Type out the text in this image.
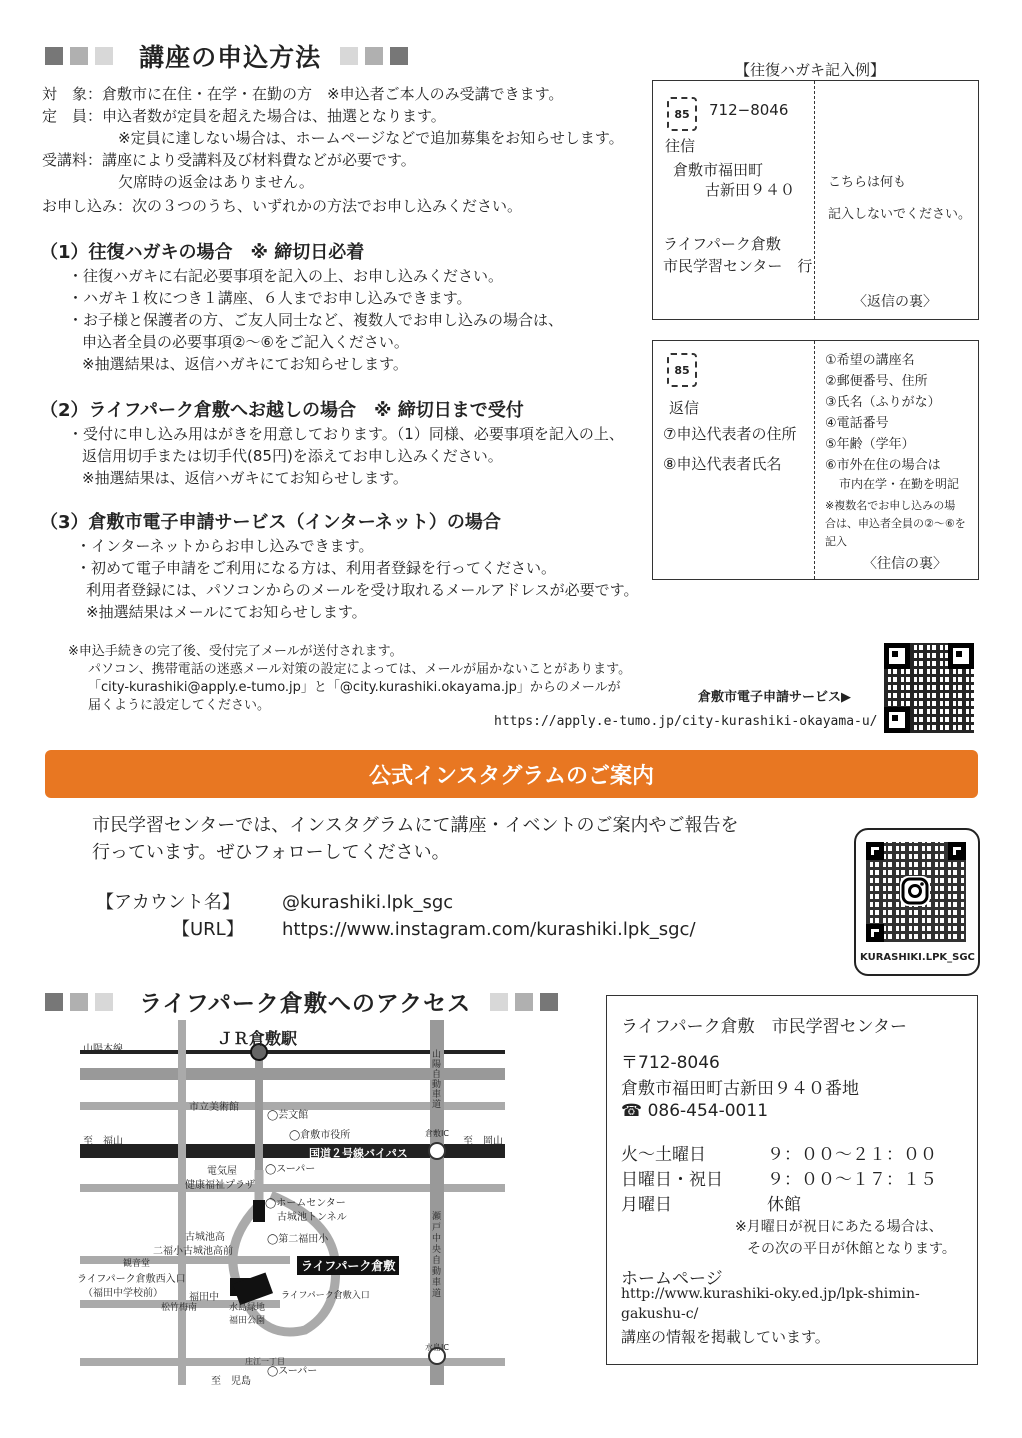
講座の申込方法
対　象：倉敷市に在住・在学・在勤の方　※申込者ご本人のみ受講できます。
定　員：申込者数が定員を超えた場合は、抽選となります。
※定員に達しない場合は、ホームページなどで追加募集をお知らせします。
受講料：講座により受講料及び材料費などが必要です。
欠席時の返金はありません。
お申し込み：次の３つのうち、いずれかの方法でお申し込みください。
（1）往復ハガキの場合　※ 締切日必着
・往復ハガキに右記必要事項を記入の上、お申し込みください。
・ハガキ１枚につき１講座、６人までお申し込みできます。
・お子様と保護者の方、ご友人同士など、複数人でお申し込みの場合は、
申込者全員の必要事項②～⑥をご記入ください。
※抽選結果は、返信ハガキにてお知らせします。
（2）ライフパーク倉敷へお越しの場合　※ 締切日まで受付
・受付に申し込み用はがきを用意しております。（1）同様、必要事項を記入の上、
返信用切手または切手代(85円)を添えてお申し込みください。
※抽選結果は、返信ハガキにてお知らせします。
（3）倉敷市電子申請サービス（インターネット）の場合
・インターネットからお申し込みできます。
・初めて電子申請をご利用になる方は、利用者登録を行ってください。
利用者登録には、パソコンからのメールを受け取れるメールアドレスが必要です。
※抽選結果はメールにてお知らせします。
※申込手続きの完了後、受付完了メールが送付されます。
パソコン、携帯電話の迷惑メール対策の設定によっては、メールが届かないことがあります。
「city-kurashiki@apply.e-tumo.jp」と「@city.kurashiki.okayama.jp」からのメールが
届くように設定してください。
倉敷市電子申請サービス▶
https://apply.e-tumo.jp/city-kurashiki-okayama-u/
【往復ハガキ記入例】
85 712−8046
往信
倉敷市福田町
古新田９４０
ライフパーク倉敷
市民学習センター　行
こちらは何も
記入しないでください。
〈返信の裏〉
85
返信
⑦申込代表者の住所
⑧申込代表者氏名
①希望の講座名
②郵便番号、住所
③氏名（ふりがな）
④電話番号
⑤年齢（学年）
⑥市外在住の場合は
市内在学・在勤を明記
※複数名でお申し込みの場
合は、申込者全員の②～⑥を
記入
〈往信の裏〉
公式インスタグラムのご案内
市民学習センターでは、インスタグラムにて講座・イベントのご案内やご報告を
行っています。ぜひフォローしてください。
【アカウント名】 @kurashiki.lpk_sgc
【URL】 https://www.instagram.com/kurashiki.lpk_sgc/
KURASHIKI.LPK_SGC
ライフパーク倉敷へのアクセス
ＪＲ倉敷駅
山陽本線
市立美術館
◯芸文館
◯倉敷市役所
至　福山	至　岡山
国道２号線バイパス
◯スーパー
電気屋
健康福祉プラザ
◯ホームセンター
古城池トンネル
古城池高	◯第二福田小
二福小古城池高前
観音堂
ライフパーク倉敷西入口
（福田中学校前）	福田中
ライフパーク倉敷
水島緑地福田公園
ライフパーク倉敷入口
松竹梅南
庄江一丁目
◯スーパー
至　児島
山陽自動車道
瀬戸中央自動車道
倉敷IC
水島IC
ライフパーク倉敷　市民学習センター
〒712-8046
倉敷市福田町古新田９４０番地
☎ 086-454-0011
火～土曜日	９：００～２１：００
日曜日・祝日	９：００～１７：１５
月曜日	休館
※月曜日が祝日にあたる場合は、
その次の平日が休館となります。
ホームページ
http://www.kurashiki-oky.ed.jp/lpk-shimin-
gakushu-c/
講座の情報を掲載しています。
